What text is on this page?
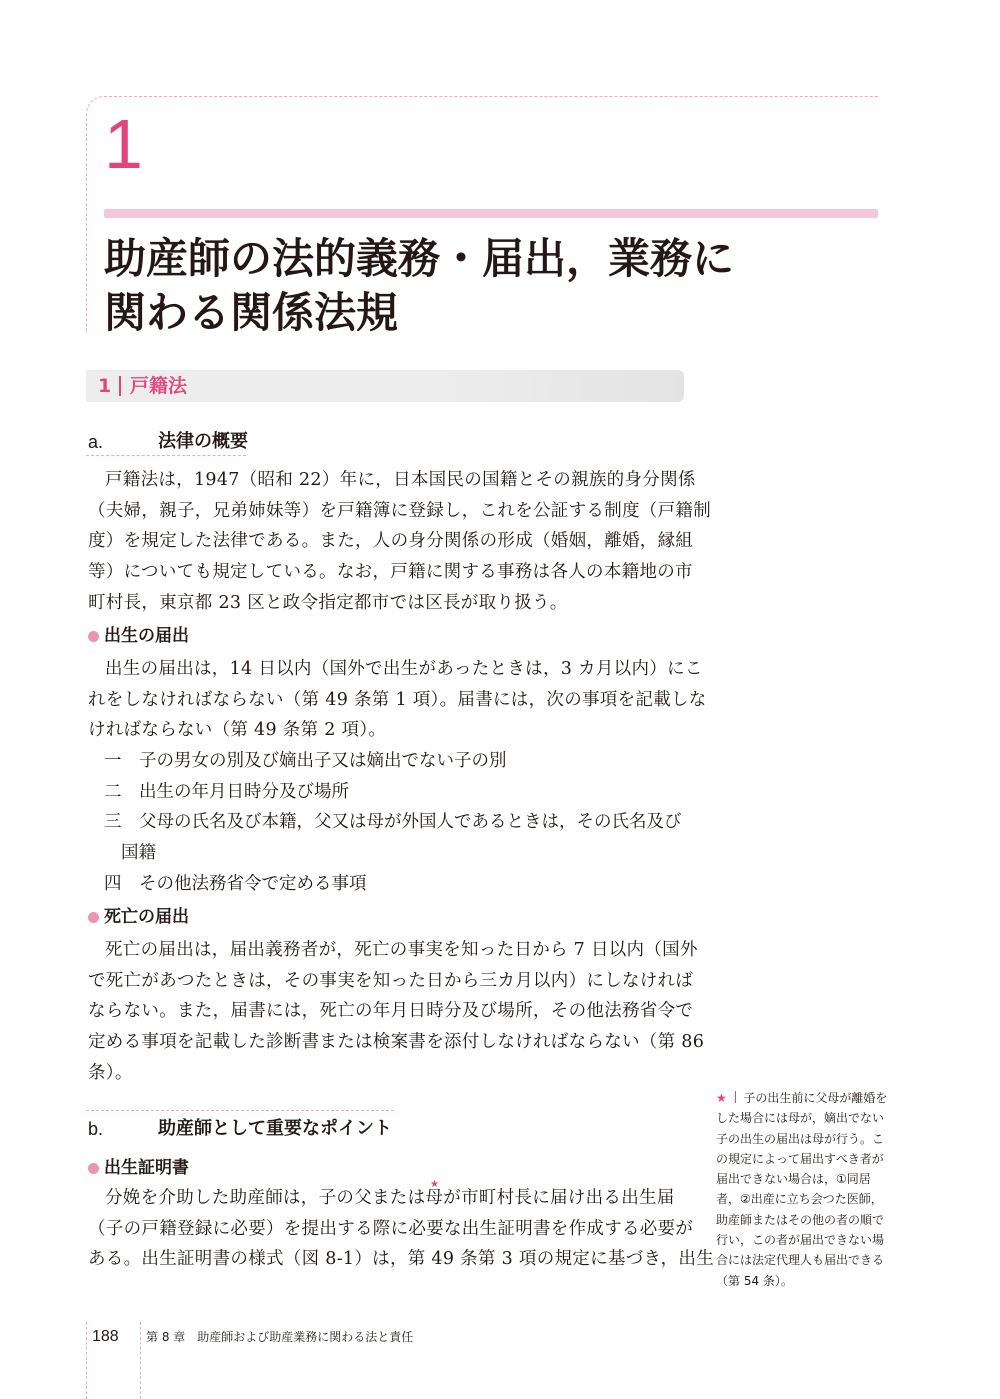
1
助産師の法的義務・届出，業務に
関わる関係法規
1 戸籍法
a.	法律の概要
戸籍法は，1947（昭和 22）年に，日本国民の国籍とその親族的身分関係
（夫婦，親子，兄弟姉妹等）を戸籍簿に登録し，これを公証する制度（戸籍制
度）を規定した法律である。また，人の身分関係の形成（婚姻，離婚，縁組
等）についても規定している。なお，戸籍に関する事務は各人の本籍地の市
町村長，東京都 23 区と政令指定都市では区長が取り扱う。
出生の届出
出生の届出は，14 日以内（国外で出生があったときは，3 カ月以内）にこ
れをしなければならない（第 49 条第 1 項）。届書には，次の事項を記載しな
ければならない（第 49 条第 2 項）。
一 子の男女の別及び嫡出子又は嫡出でない子の別
二 出生の年月日時分及び場所
三 父母の氏名及び本籍，父又は母が外国人であるときは，その氏名及び
国籍
四 その他法務省令で定める事項
死亡の届出
死亡の届出は，届出義務者が，死亡の事実を知った日から 7 日以内（国外
で死亡があつたときは，その事実を知った日から三カ月以内）にしなければ
ならない。また，届書には，死亡の年月日時分及び場所，その他法務省令で
定める事項を記載した診断書または検案書を添付しなければならない（第 86
条）。
b.	助産師として重要なポイント
出生証明書
★
分娩を介助した助産師は，子の父または母が市町村長に届け出る出生届
（子の戸籍登録に必要）を提出する際に必要な出生証明書を作成する必要が
ある。出生証明書の様式（図 8-1）は，第 49 条第 3 項の規定に基づき，出生
★ 子の出生前に父母が離婚を
した場合には母が，嫡出でない
子の出生の届出は母が行う。こ
の規定によって届出すべき者が
届出できない場合は，①同居
者，②出産に立ち会つた医師，
助産師またはその他の者の順で
行い，この者が届出できない場
合には法定代理人も届出できる
（第 54 条）。
188 第 8 章　助産師および助産業務に関わる法と責任
